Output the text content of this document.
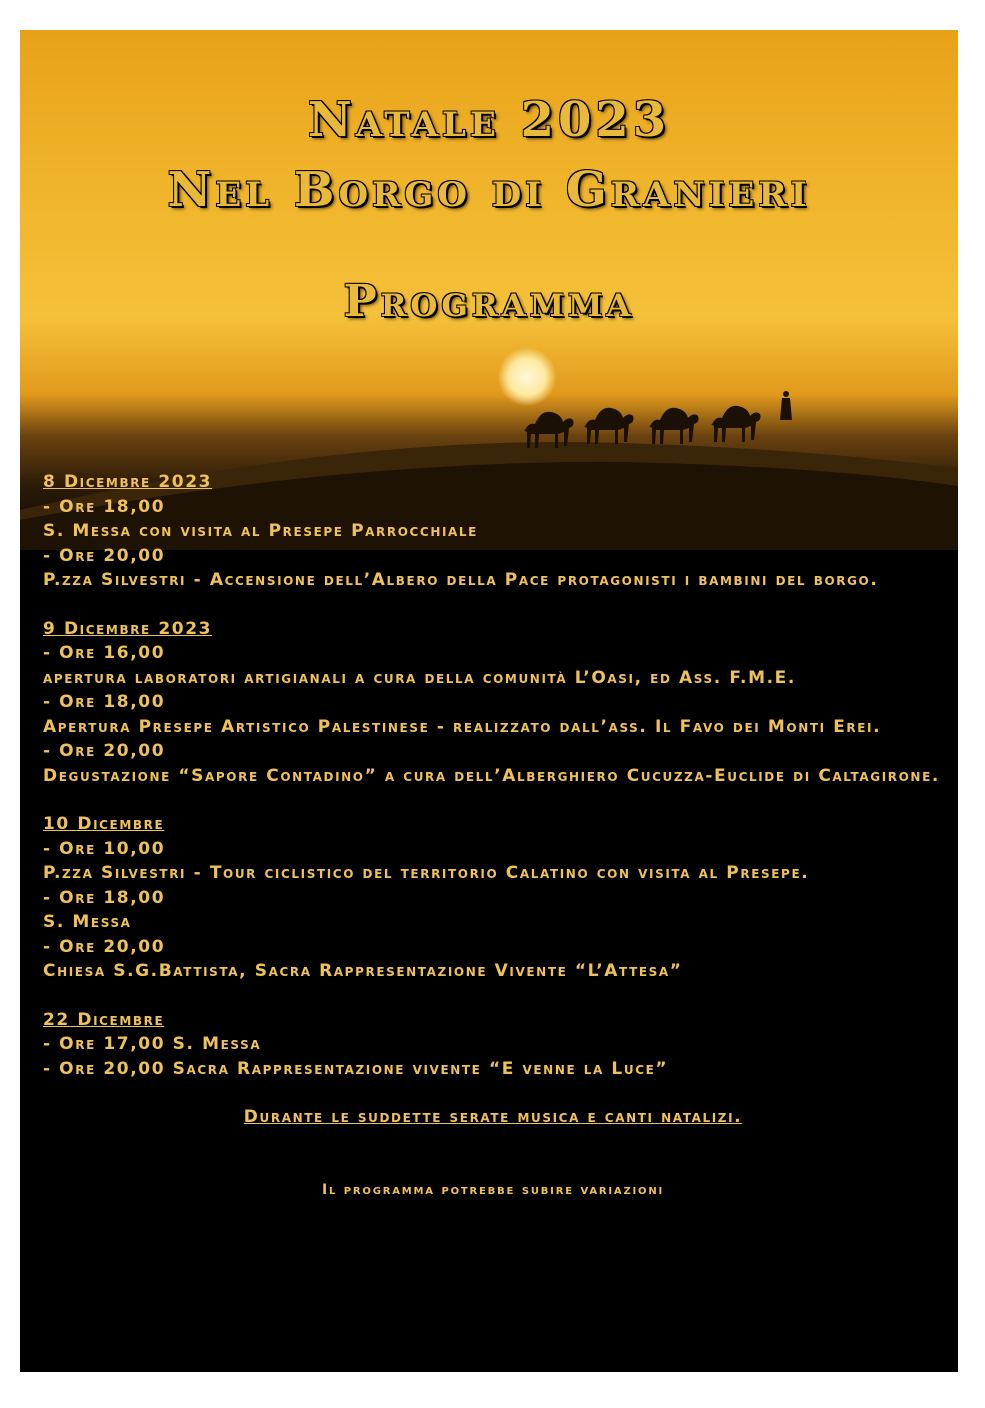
Natale 2023
Nel Borgo di Granieri
Programma
8 Dicembre 2023
- Ore 18,00
S. Messa con visita al Presepe Parrocchiale
- Ore 20,00
P.zza Silvestri - Accensione dell’Albero della Pace protagonisti i bambini del borgo.
9 Dicembre 2023
- Ore 16,00
apertura laboratori artigianali a cura della comunità L’Oasi, ed Ass. F.M.E.
- Ore 18,00
Apertura Presepe Artistico Palestinese - realizzato dall’ass. Il Favo dei Monti Erei.
- Ore 20,00
Degustazione “Sapore Contadino” a cura dell’Alberghiero Cucuzza-Euclide di Caltagirone.
10 Dicembre
- Ore 10,00
P.zza Silvestri - Tour ciclistico del territorio Calatino con visita al Presepe.
- Ore 18,00
S. Messa
- Ore 20,00
Chiesa S.G.Battista, Sacra Rappresentazione Vivente “L’Attesa”
22 Dicembre
- Ore 17,00 S. Messa
- Ore 20,00 Sacra Rappresentazione vivente “E venne la Luce”
Durante le suddette serate musica e canti natalizi.
Il programma potrebbe subire variazioni
